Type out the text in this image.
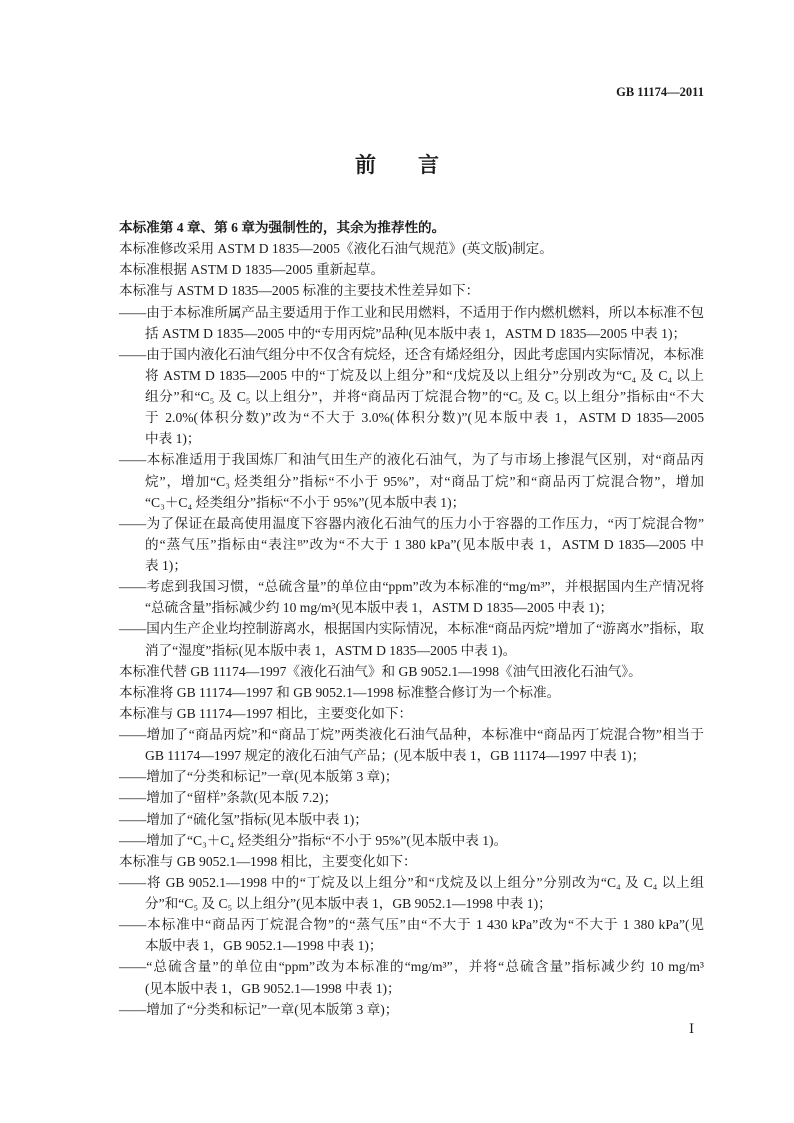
GB 11174—2011
前　　言
本标准第 4 章、第 6 章为强制性的，其余为推荐性的。
本标准修改采用 ASTM D 1835—2005《液化石油气规范》(英文版)制定。
本标准根据 ASTM D 1835—2005 重新起草。
本标准与 ASTM D 1835—2005 标准的主要技术性差异如下：
——由于本标准所属产品主要适用于作工业和民用燃料，不适用于作内燃机燃料，所以本标准不包
括 ASTM D 1835—2005 中的“专用丙烷”品种(见本版中表 1，ASTM D 1835—2005 中表 1)；
——由于国内液化石油气组分中不仅含有烷烃，还含有烯烃组分，因此考虑国内实际情况，本标准
将 ASTM D 1835—2005 中的“丁烷及以上组分”和“戊烷及以上组分”分别改为“C₄ 及 C₄ 以上
组分”和“C₅ 及 C₅ 以上组分”，并将“商品丙丁烷混合物”的“C₅ 及 C₅ 以上组分”指标由“不大
于 2.0%(体积分数)”改为“不大于 3.0%(体积分数)”(见本版中表 1，ASTM D 1835—2005
中表 1)；
——本标准适用于我国炼厂和油气田生产的液化石油气，为了与市场上掺混气区别，对“商品丙
烷”，增加“C₃ 烃类组分”指标“不小于 95%”，对“商品丁烷”和“商品丙丁烷混合物”，增加
“C₃＋C₄ 烃类组分”指标“不小于 95%”(见本版中表 1)；
——为了保证在最高使用温度下容器内液化石油气的压力小于容器的工作压力，“丙丁烷混合物”
的“蒸气压”指标由“表注ᴮ”改为“不大于 1 380 kPa”(见本版中表 1，ASTM D 1835—2005 中
表 1)；
——考虑到我国习惯，“总硫含量”的单位由“ppm”改为本标准的“mg/m³”，并根据国内生产情况将
“总硫含量”指标减少约 10 mg/m³(见本版中表 1，ASTM D 1835—2005 中表 1)；
——国内生产企业均控制游离水，根据国内实际情况，本标准“商品丙烷”增加了“游离水”指标，取
消了“湿度”指标(见本版中表 1，ASTM D 1835—2005 中表 1)。
本标准代替 GB 11174—1997《液化石油气》和 GB 9052.1—1998《油气田液化石油气》。
本标准将 GB 11174—1997 和 GB 9052.1—1998 标准整合修订为一个标准。
本标准与 GB 11174—1997 相比，主要变化如下：
——增加了“商品丙烷”和“商品丁烷”两类液化石油气品种，本标准中“商品丙丁烷混合物”相当于
GB 11174—1997 规定的液化石油气产品；(见本版中表 1，GB 11174—1997 中表 1)；
——增加了“分类和标记”一章(见本版第 3 章)；
——增加了“留样”条款(见本版 7.2)；
——增加了“硫化氢”指标(见本版中表 1)；
——增加了“C₃＋C₄ 烃类组分”指标“不小于 95%”(见本版中表 1)。
本标准与 GB 9052.1—1998 相比，主要变化如下：
——将 GB 9052.1—1998 中的“丁烷及以上组分”和“戊烷及以上组分”分别改为“C₄ 及 C₄ 以上组
分”和“C₅ 及 C₅ 以上组分”(见本版中表 1，GB 9052.1—1998 中表 1)；
——本标准中“商品丙丁烷混合物”的“蒸气压”由“不大于 1 430 kPa”改为“不大于 1 380 kPa”(见
本版中表 1，GB 9052.1—1998 中表 1)；
——“总硫含量”的单位由“ppm”改为本标准的“mg/m³”，并将“总硫含量”指标减少约 10 mg/m³
(见本版中表 1，GB 9052.1—1998 中表 1)；
——增加了“分类和标记”一章(见本版第 3 章)；
Ⅰ
